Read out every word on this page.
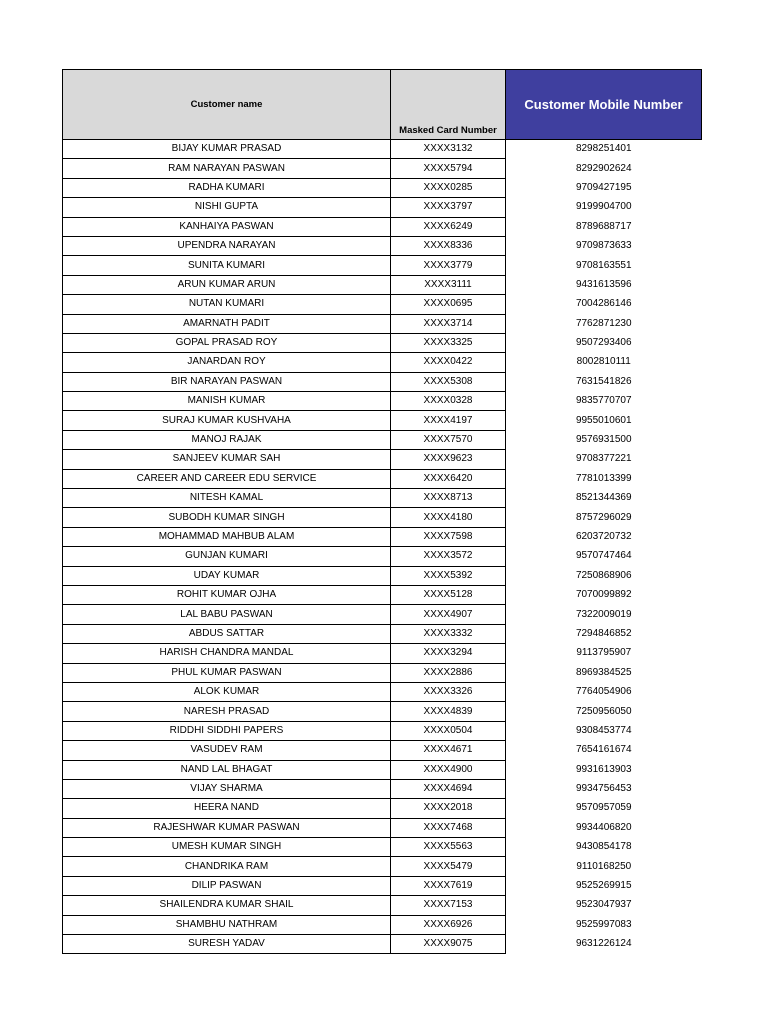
Customer name	Masked Card Number	Customer Mobile Number
BIJAY KUMAR PRASAD	XXXX3132	8298251401
RAM NARAYAN PASWAN	XXXX5794	8292902624
RADHA KUMARI	XXXX0285	9709427195
NISHI GUPTA	XXXX3797	9199904700
KANHAIYA PASWAN	XXXX6249	8789688717
UPENDRA NARAYAN	XXXX8336	9709873633
SUNITA KUMARI	XXXX3779	9708163551
ARUN KUMAR ARUN	XXXX3111	9431613596
NUTAN KUMARI	XXXX0695	7004286146
AMARNATH PADIT	XXXX3714	7762871230
GOPAL PRASAD ROY	XXXX3325	9507293406
JANARDAN ROY	XXXX0422	8002810111
BIR NARAYAN PASWAN	XXXX5308	7631541826
MANISH KUMAR	XXXX0328	9835770707
SURAJ KUMAR KUSHVAHA	XXXX4197	9955010601
MANOJ RAJAK	XXXX7570	9576931500
SANJEEV KUMAR SAH	XXXX9623	9708377221
CAREER AND CAREER EDU SERVICE	XXXX6420	7781013399
NITESH KAMAL	XXXX8713	8521344369
SUBODH KUMAR SINGH	XXXX4180	8757296029
MOHAMMAD MAHBUB ALAM	XXXX7598	6203720732
GUNJAN KUMARI	XXXX3572	9570747464
UDAY KUMAR	XXXX5392	7250868906
ROHIT KUMAR OJHA	XXXX5128	7070099892
LAL BABU PASWAN	XXXX4907	7322009019
ABDUS SATTAR	XXXX3332	7294846852
HARISH CHANDRA MANDAL	XXXX3294	9113795907
PHUL KUMAR PASWAN	XXXX2886	8969384525
ALOK KUMAR	XXXX3326	7764054906
NARESH PRASAD	XXXX4839	7250956050
RIDDHI SIDDHI PAPERS	XXXX0504	9308453774
VASUDEV RAM	XXXX4671	7654161674
NAND LAL BHAGAT	XXXX4900	9931613903
VIJAY SHARMA	XXXX4694	9934756453
HEERA NAND	XXXX2018	9570957059
RAJESHWAR KUMAR PASWAN	XXXX7468	9934406820
UMESH KUMAR SINGH	XXXX5563	9430854178
CHANDRIKA RAM	XXXX5479	9110168250
DILIP PASWAN	XXXX7619	9525269915
SHAILENDRA KUMAR SHAIL	XXXX7153	9523047937
SHAMBHU NATHRAM	XXXX6926	9525997083
SURESH YADAV	XXXX9075	9631226124
